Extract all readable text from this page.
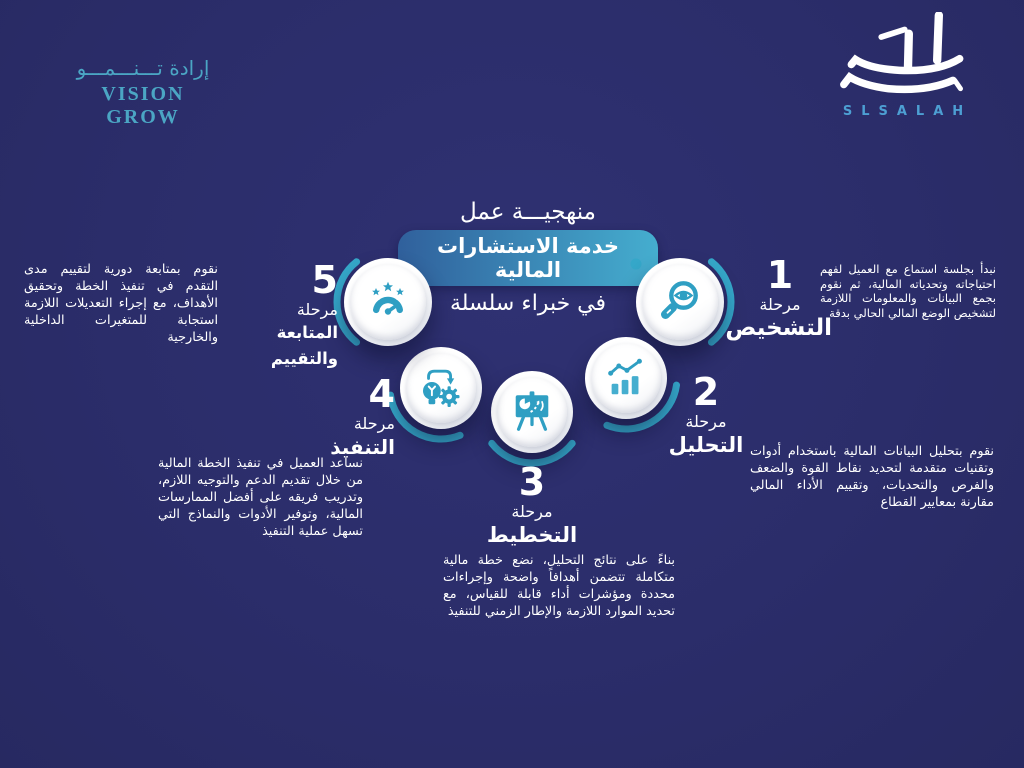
إرادة تـــنـــمـــو
VISION GROW	SLSALAH
منهجيـــة عمل
خدمة الاستشارات المالية
في خبراء سلسلة
1
مرحلة
التشخيص
2
مرحلة
التحليل
3
مرحلة
التخطيط
4
مرحلة
التنفيذ
5
مرحلة
المتابعة والتقييم

نبدأ بجلسة استماع مع العميل لفهم احتياجاته وتحدياته المالية، ثم نقوم بجمع البيانات والمعلومات اللازمة لتشخيص الوضع المالي الحالي بدقة

نقوم بتحليل البيانات المالية باستخدام أدوات وتقنيات متقدمة لتحديد نقاط القوة والضعف والفرص والتحديات، وتقييم الأداء المالي مقارنة بمعايير القطاع

بناءً على نتائج التحليل، نضع خطة مالية متكاملة تتضمن أهدافاً واضحة وإجراءات محددة ومؤشرات أداء قابلة للقياس، مع تحديد الموارد اللازمة والإطار الزمني للتنفيذ

نساعد العميل في تنفيذ الخطة المالية من خلال تقديم الدعم والتوجيه اللازم، وتدريب فريقه على أفضل الممارسات المالية، وتوفير الأدوات والنماذج التي تسهل عملية التنفيذ

نقوم بمتابعة دورية لتقييم مدى التقدم في تنفيذ الخطة وتحقيق الأهداف، مع إجراء التعديلات اللازمة استجابة للمتغيرات الداخلية والخارجية
